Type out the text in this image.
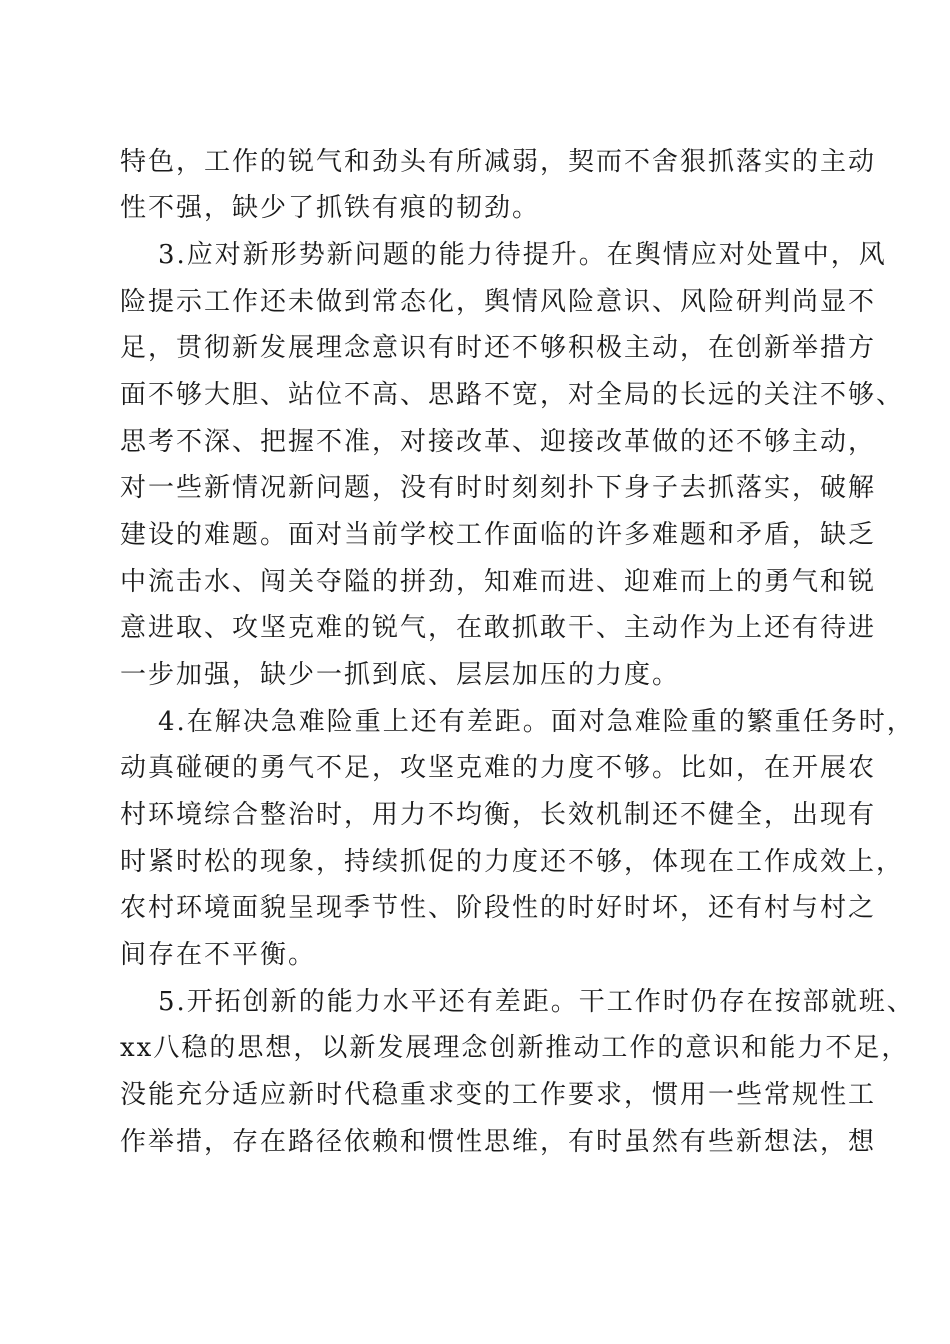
特色，工作的锐气和劲头有所减弱，契而不舍狠抓落实的主动
性不强，缺少了抓铁有痕的韧劲。
3.应对新形势新问题的能力待提升。在舆情应对处置中，风
险提示工作还未做到常态化，舆情风险意识、风险研判尚显不
足，贯彻新发展理念意识有时还不够积极主动，在创新举措方
面不够大胆、站位不高、思路不宽，对全局的长远的关注不够、
思考不深、把握不准，对接改革、迎接改革做的还不够主动，
对一些新情况新问题，没有时时刻刻扑下身子去抓落实，破解
建设的难题。面对当前学校工作面临的许多难题和矛盾，缺乏
中流击水、闯关夺隘的拼劲，知难而进、迎难而上的勇气和锐
意进取、攻坚克难的锐气，在敢抓敢干、主动作为上还有待进
一步加强，缺少一抓到底、层层加压的力度。
4.在解决急难险重上还有差距。面对急难险重的繁重任务时，
动真碰硬的勇气不足，攻坚克难的力度不够。比如，在开展农
村环境综合整治时，用力不均衡，长效机制还不健全，出现有
时紧时松的现象，持续抓促的力度还不够，体现在工作成效上，
农村环境面貌呈现季节性、阶段性的时好时坏，还有村与村之
间存在不平衡。
5.开拓创新的能力水平还有差距。干工作时仍存在按部就班、
xx八稳的思想，以新发展理念创新推动工作的意识和能力不足，
没能充分适应新时代稳重求变的工作要求，惯用一些常规性工
作举措，存在路径依赖和惯性思维，有时虽然有些新想法，想
